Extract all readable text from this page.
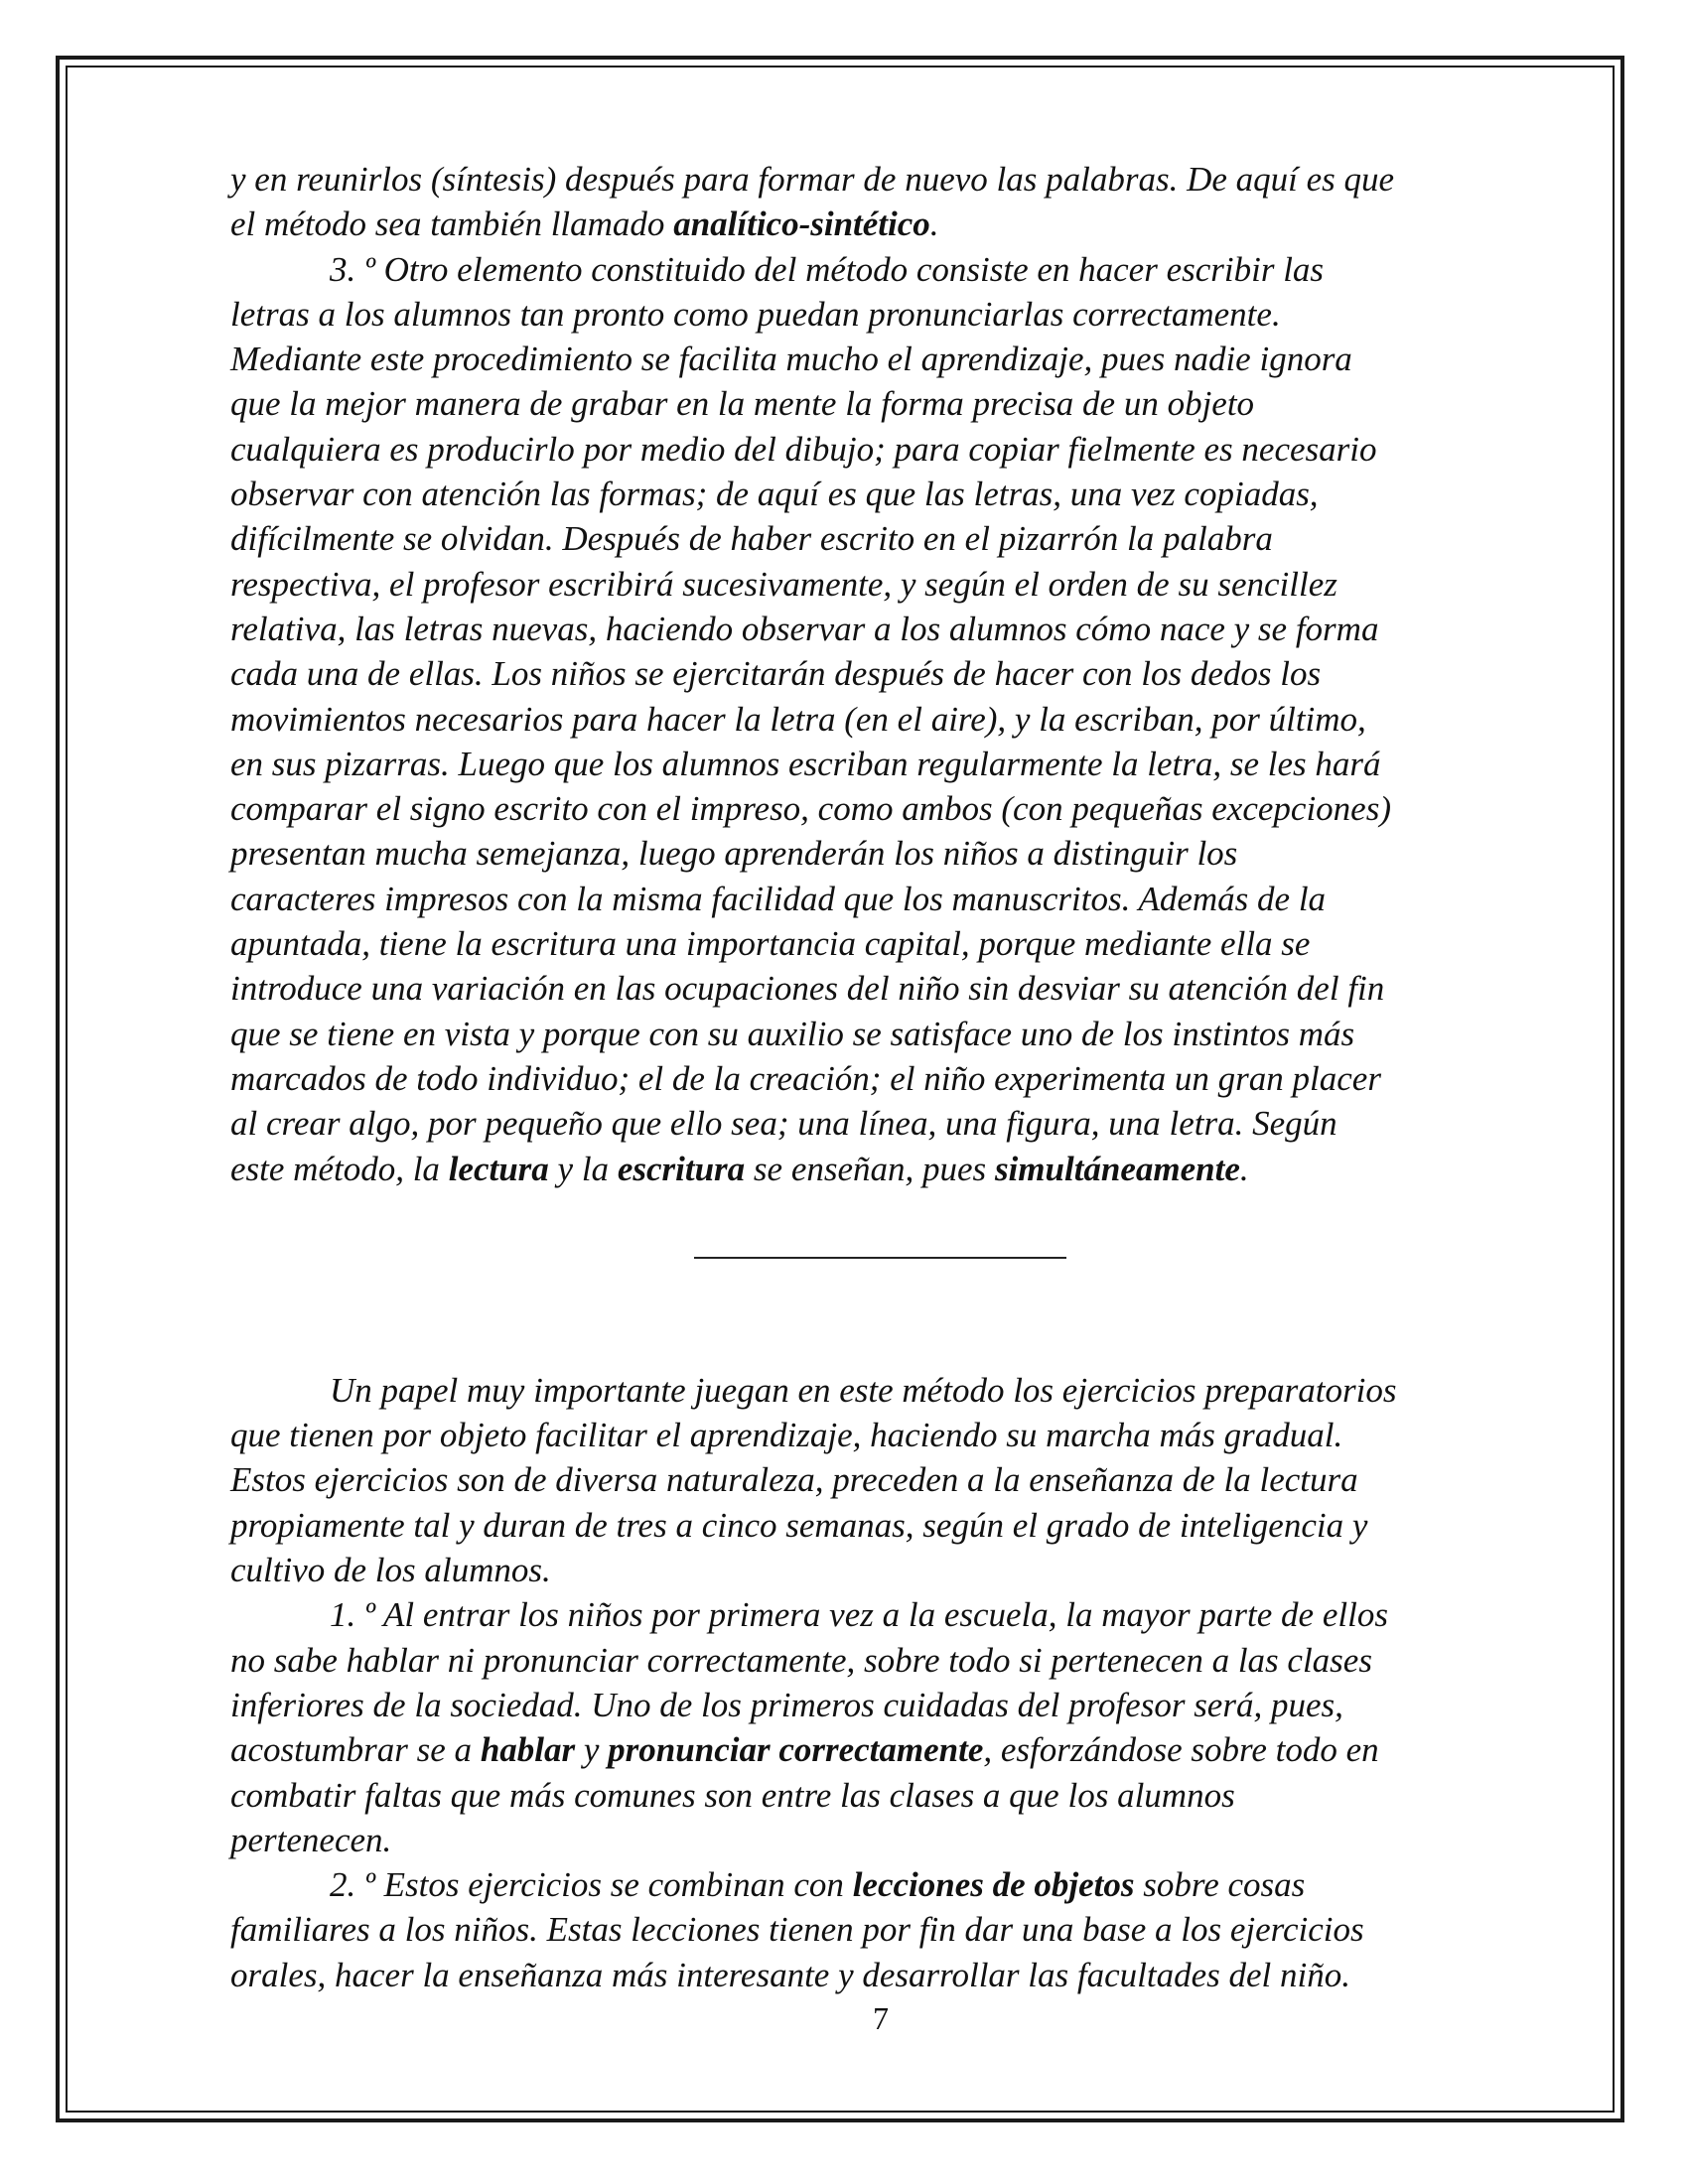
y en reunirlos (síntesis) después para formar de nuevo las palabras. De aquí es que
el método sea también llamado analítico-sintético.
3. º Otro elemento constituido del método consiste en hacer escribir las
letras a los alumnos tan pronto como puedan pronunciarlas correctamente.
Mediante este procedimiento se facilita mucho el aprendizaje, pues nadie ignora
que la mejor manera de grabar en la mente la forma precisa de un objeto
cualquiera es producirlo por medio del dibujo; para copiar fielmente es necesario
observar con atención las formas; de aquí es que las letras, una vez copiadas,
difícilmente se olvidan. Después de haber escrito en el pizarrón la palabra
respectiva, el profesor escribirá sucesivamente, y según el orden de su sencillez
relativa, las letras nuevas, haciendo observar a los alumnos cómo nace y se forma
cada una de ellas. Los niños se ejercitarán después de hacer con los dedos los
movimientos necesarios para hacer la letra (en el aire), y la escriban, por último,
en sus pizarras. Luego que los alumnos escriban regularmente la letra, se les hará
comparar el signo escrito con el impreso, como ambos (con pequeñas excepciones)
presentan mucha semejanza, luego aprenderán los niños a distinguir los
caracteres impresos con la misma facilidad que los manuscritos. Además de la
apuntada, tiene la escritura una importancia capital, porque mediante ella se
introduce una variación en las ocupaciones del niño sin desviar su atención del fin
que se tiene en vista y porque con su auxilio se satisface uno de los instintos más
marcados de todo individuo; el de la creación; el niño experimenta un gran placer
al crear algo, por pequeño que ello sea; una línea, una figura, una letra. Según
este método, la lectura y la escritura se enseñan, pues simultáneamente.
Un papel muy importante juegan en este método los ejercicios preparatorios
que tienen por objeto facilitar el aprendizaje, haciendo su marcha más gradual.
Estos ejercicios son de diversa naturaleza, preceden a la enseñanza de la lectura
propiamente tal y duran de tres a cinco semanas, según el grado de inteligencia y
cultivo de los alumnos.
1. º Al entrar los niños por primera vez a la escuela, la mayor parte de ellos
no sabe hablar ni pronunciar correctamente, sobre todo si pertenecen a las clases
inferiores de la sociedad. Uno de los primeros cuidadas del profesor será, pues,
acostumbrar se a hablar y pronunciar correctamente, esforzándose sobre todo en
combatir faltas que más comunes son entre las clases a que los alumnos
pertenecen.
2. º Estos ejercicios se combinan con lecciones de objetos sobre cosas
familiares a los niños. Estas lecciones tienen por fin dar una base a los ejercicios
orales, hacer la enseñanza más interesante y desarrollar las facultades del niño.
7
